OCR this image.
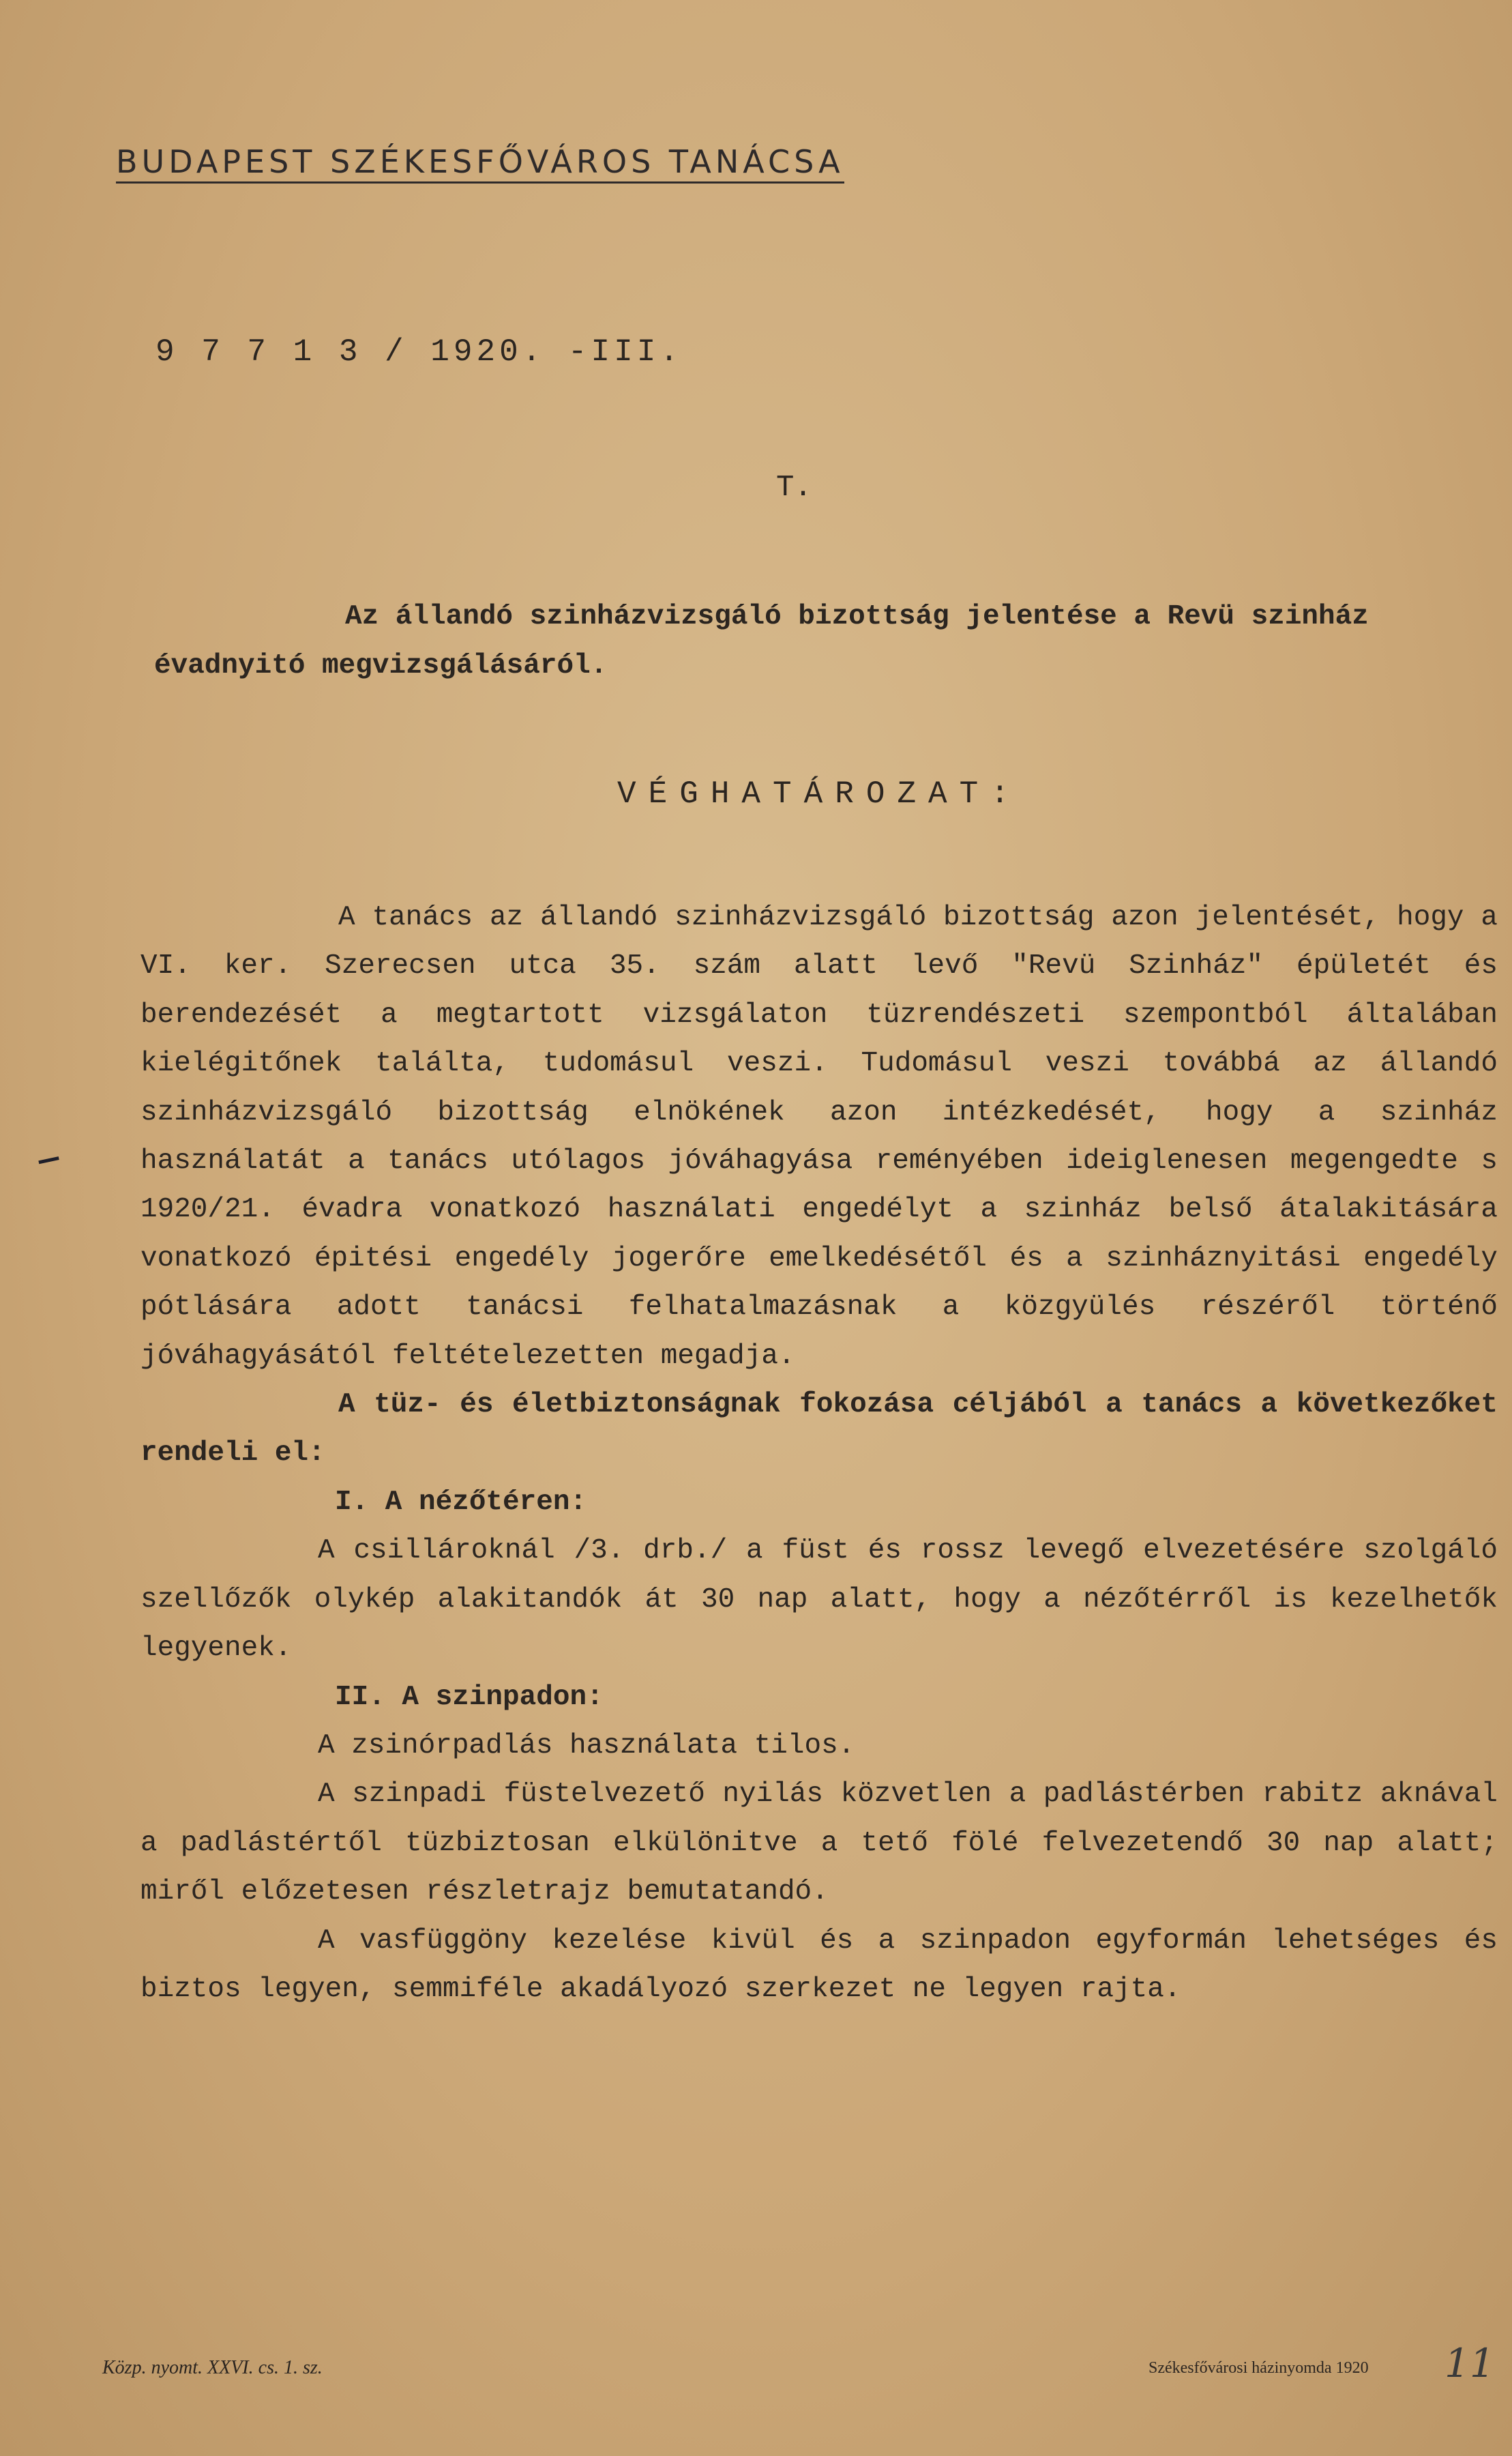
BUDAPEST SZÉKESFŐVÁROS TANÁCSA
9 7 7 1 3 / 1920. -III.
T.
Az állandó szinházvizsgáló bizottság jelentése a Revü szinház
évadnyitó megvizsgálásáról.
VÉGHATÁROZAT:

A tanács az állandó szinházvizsgáló bizottság azon jelentését, hogy a VI. ker. Szerecsen utca 35. szám alatt levő "Revü Szinház" épületét és berendezését a megtartott vizsgálaton tüzrendészeti szempontból általában kielégitőnek találta, tudomásul veszi. Tudomásul veszi továbbá az állandó szinházvizsgáló bizottság elnökének azon intézkedését, hogy a szinház használatát a tanács utólagos jóváhagyása reményében ideiglenesen megengedte s 1920/21. évadra vonatkozó használati engedélyt a szinház belső átalakitására vonatkozó épitési engedély jogerőre emelkedésétől és a szinháznyitási engedély pótlására adott tanácsi felhatalmazásnak a közgyülés részéről történő jóváhagyásától feltételezetten megadja.

A tüz- és életbiztonságnak fokozása céljából a tanács a következőket rendeli el:

I. A nézőtéren:

A csillároknál /3. drb./ a füst és rossz levegő elvezetésére szolgáló szellőzők olykép alakitandók át 30 nap alatt, hogy a nézőtérről is kezelhetők legyenek.

II. A szinpadon:

A zsinórpadlás használata tilos.

A szinpadi füstelvezető nyilás közvetlen a padlástérben rabitz aknával a padlástértől tüzbiztosan elkülönitve a tető fölé felvezetendő 30 nap alatt; miről előzetesen részletrajz bemutatandó.

A vasfüggöny kezelése kivül és a szinpadon egyformán lehetséges és biztos legyen, semmiféle akadályozó szerkezet ne legyen rajta.

Közp. nyomt. XXVI. cs. 1. sz.	Székesfővárosi házinyomda 1920 11
